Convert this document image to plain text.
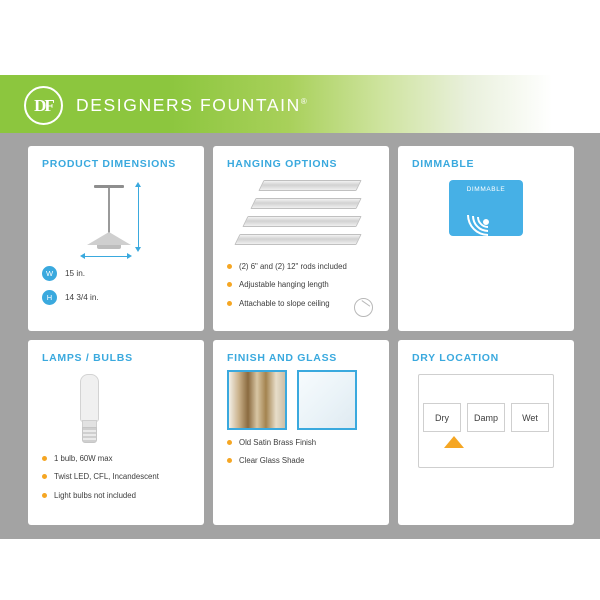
DF	DESIGNERS FOUNTAIN®
PRODUCT DIMENSIONS
W	15 in.
H	14 3/4 in.
HANGING OPTIONS
(2) 6" and (2) 12" rods included
Adjustable hanging length
Attachable to slope ceiling
DIMMABLE
DIMMABLE
LAMPS / BULBS
1 bulb, 60W max
Twist LED, CFL, Incandescent
Light bulbs not included
FINISH AND GLASS
Old Satin Brass Finish
Clear Glass Shade
DRY LOCATION
Dry	Damp	Wet
